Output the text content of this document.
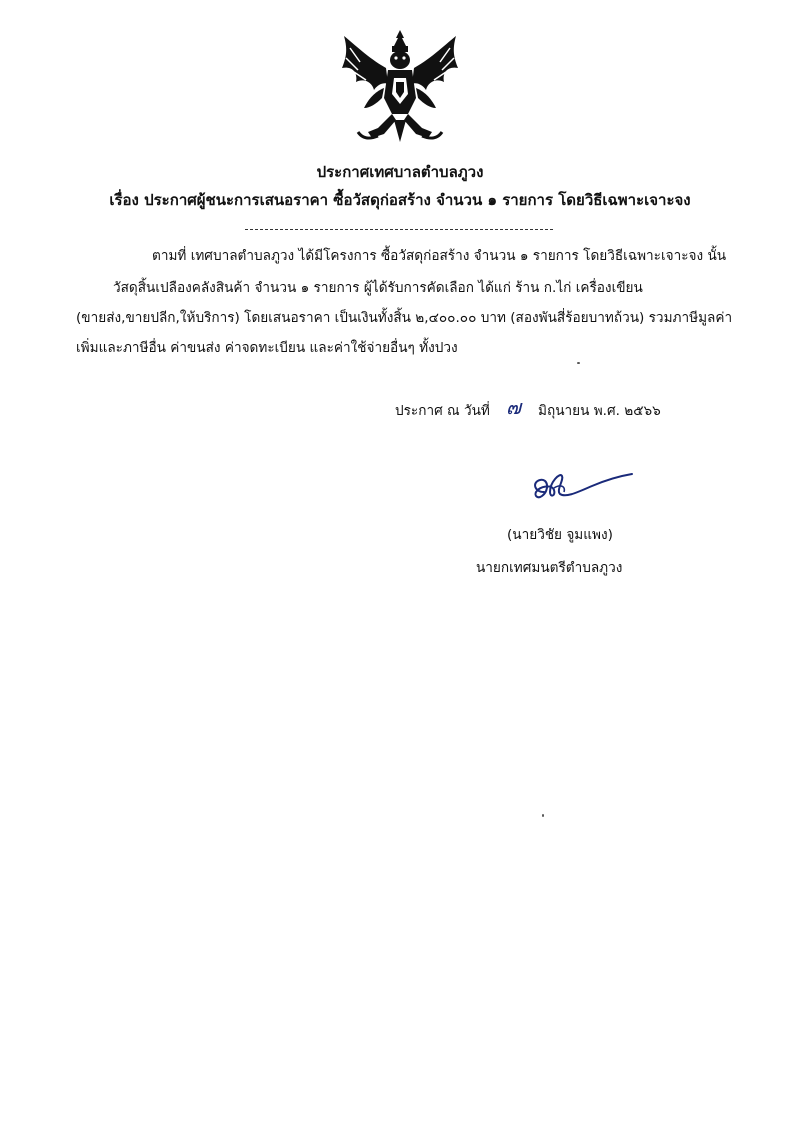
ประกาศเทศบาลตำบลภูวง
เรื่อง ประกาศผู้ชนะการเสนอราคา ซื้อวัสดุก่อสร้าง จำนวน ๑ รายการ โดยวิธีเฉพาะเจาะจง
ตามที่ เทศบาลตำบลภูวง ได้มีโครงการ ซื้อวัสดุก่อสร้าง จำนวน ๑ รายการ โดยวิธีเฉพาะเจาะจง นั้น
วัสดุสิ้นเปลืองคลังสินค้า จำนวน ๑ รายการ ผู้ได้รับการคัดเลือก ได้แก่ ร้าน ก.ไก่ เครื่องเขียน
(ขายส่ง,ขายปลีก,ให้บริการ) โดยเสนอราคา เป็นเงินทั้งสิ้น ๒,๔๐๐.๐๐ บาท (สองพันสี่ร้อยบาทถ้วน) รวมภาษีมูลค่า
เพิ่มและภาษีอื่น ค่าขนส่ง ค่าจดทะเบียน และค่าใช้จ่ายอื่นๆ ทั้งปวง
ประกาศ ณ วันที่ ๗ มิถุนายน พ.ศ. ๒๕๖๖
(นายวิชัย จูมแพง)
นายกเทศมนตรีตำบลภูวง
